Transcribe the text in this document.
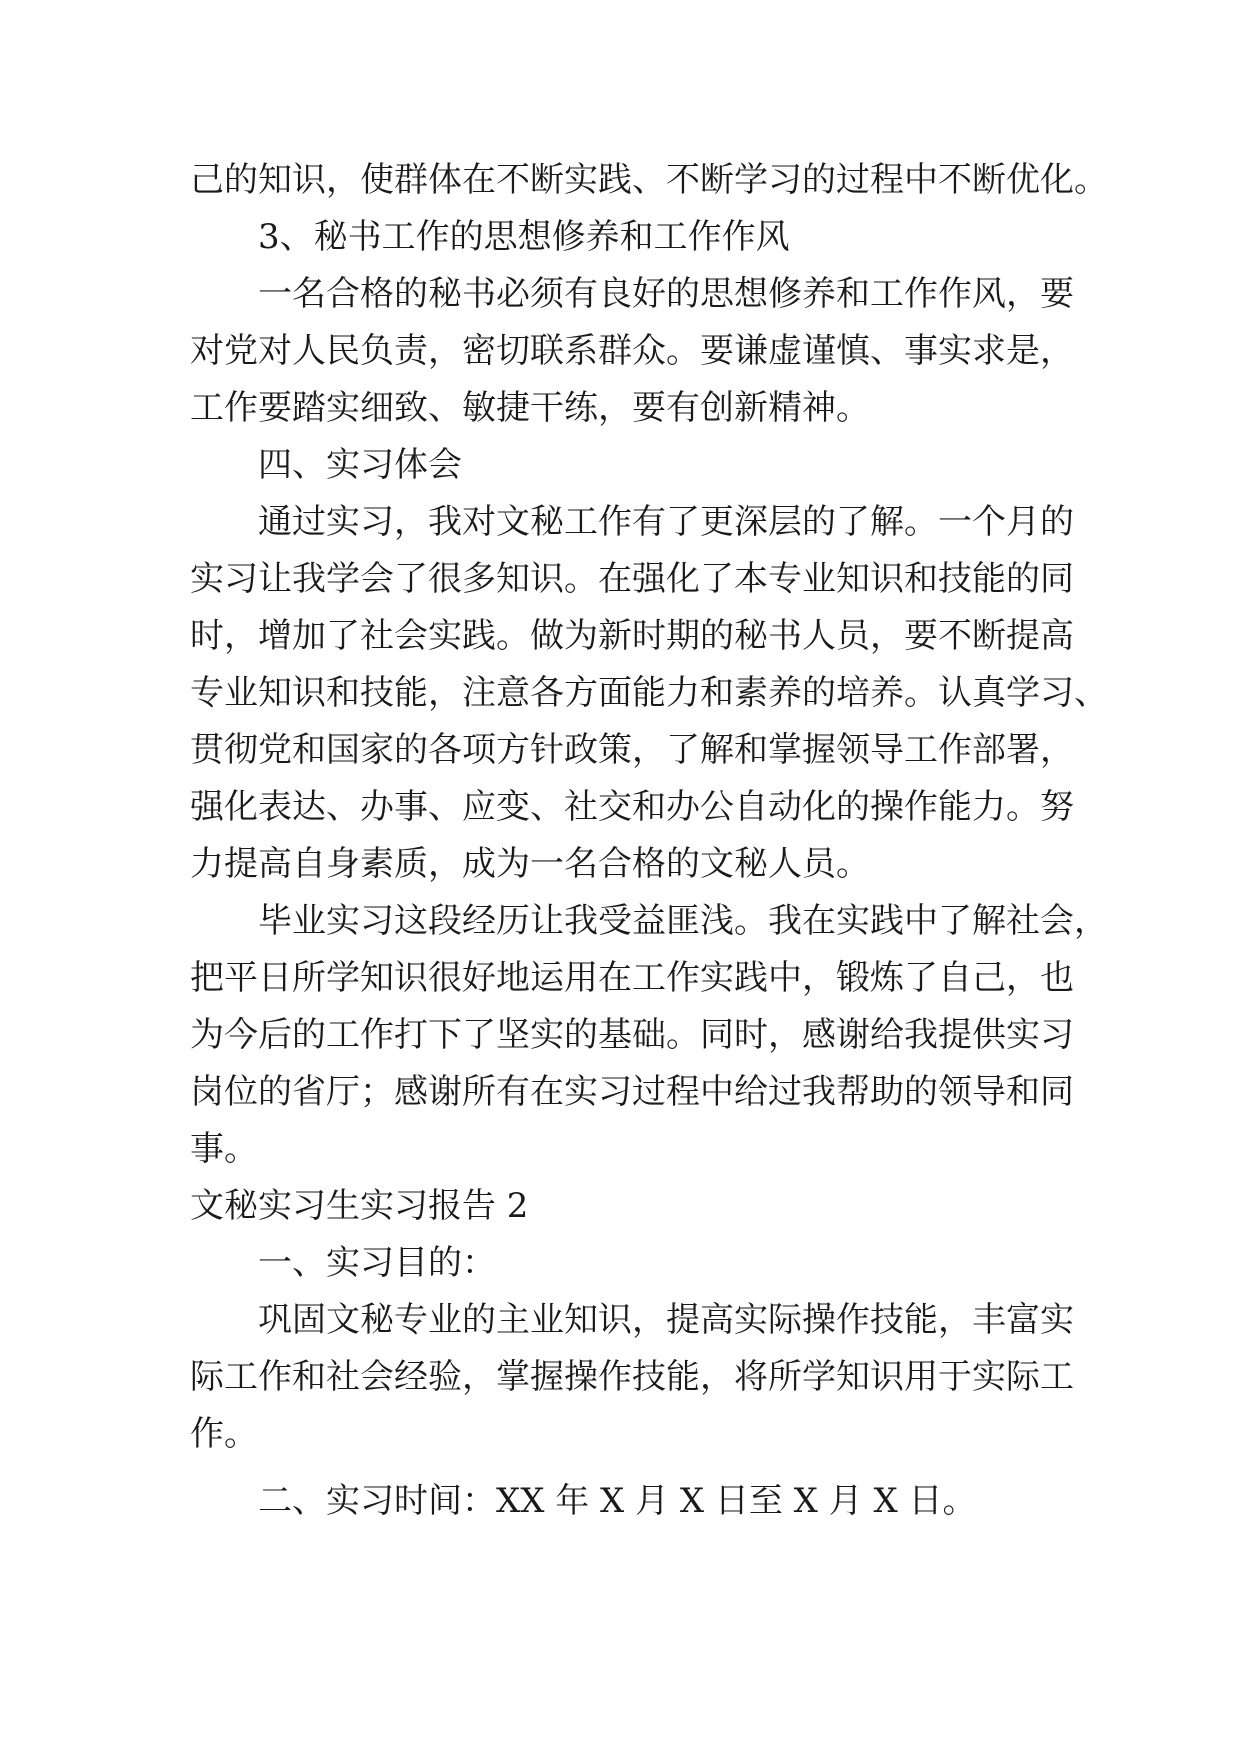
己的知识，使群体在不断实践、不断学习的过程中不断优化。
3、秘书工作的思想修养和工作作风
一名合格的秘书必须有良好的思想修养和工作作风，要
对党对人民负责，密切联系群众。要谦虚谨慎、事实求是，
工作要踏实细致、敏捷干练，要有创新精神。
四、实习体会
通过实习，我对文秘工作有了更深层的了解。一个月的
实习让我学会了很多知识。在强化了本专业知识和技能的同
时，增加了社会实践。做为新时期的秘书人员，要不断提高
专业知识和技能，注意各方面能力和素养的培养。认真学习、
贯彻党和国家的各项方针政策，了解和掌握领导工作部署，
强化表达、办事、应变、社交和办公自动化的操作能力。努
力提高自身素质，成为一名合格的文秘人员。
毕业实习这段经历让我受益匪浅。我在实践中了解社会，
把平日所学知识很好地运用在工作实践中，锻炼了自己，也
为今后的工作打下了坚实的基础。同时，感谢给我提供实习
岗位的省厅；感谢所有在实习过程中给过我帮助的领导和同
事。
文秘实习生实习报告 2
一、实习目的：
巩固文秘专业的主业知识，提高实际操作技能，丰富实
际工作和社会经验，掌握操作技能，将所学知识用于实际工
作。
二、实习时间：XX 年 X 月 X 日至 X 月 X 日。
